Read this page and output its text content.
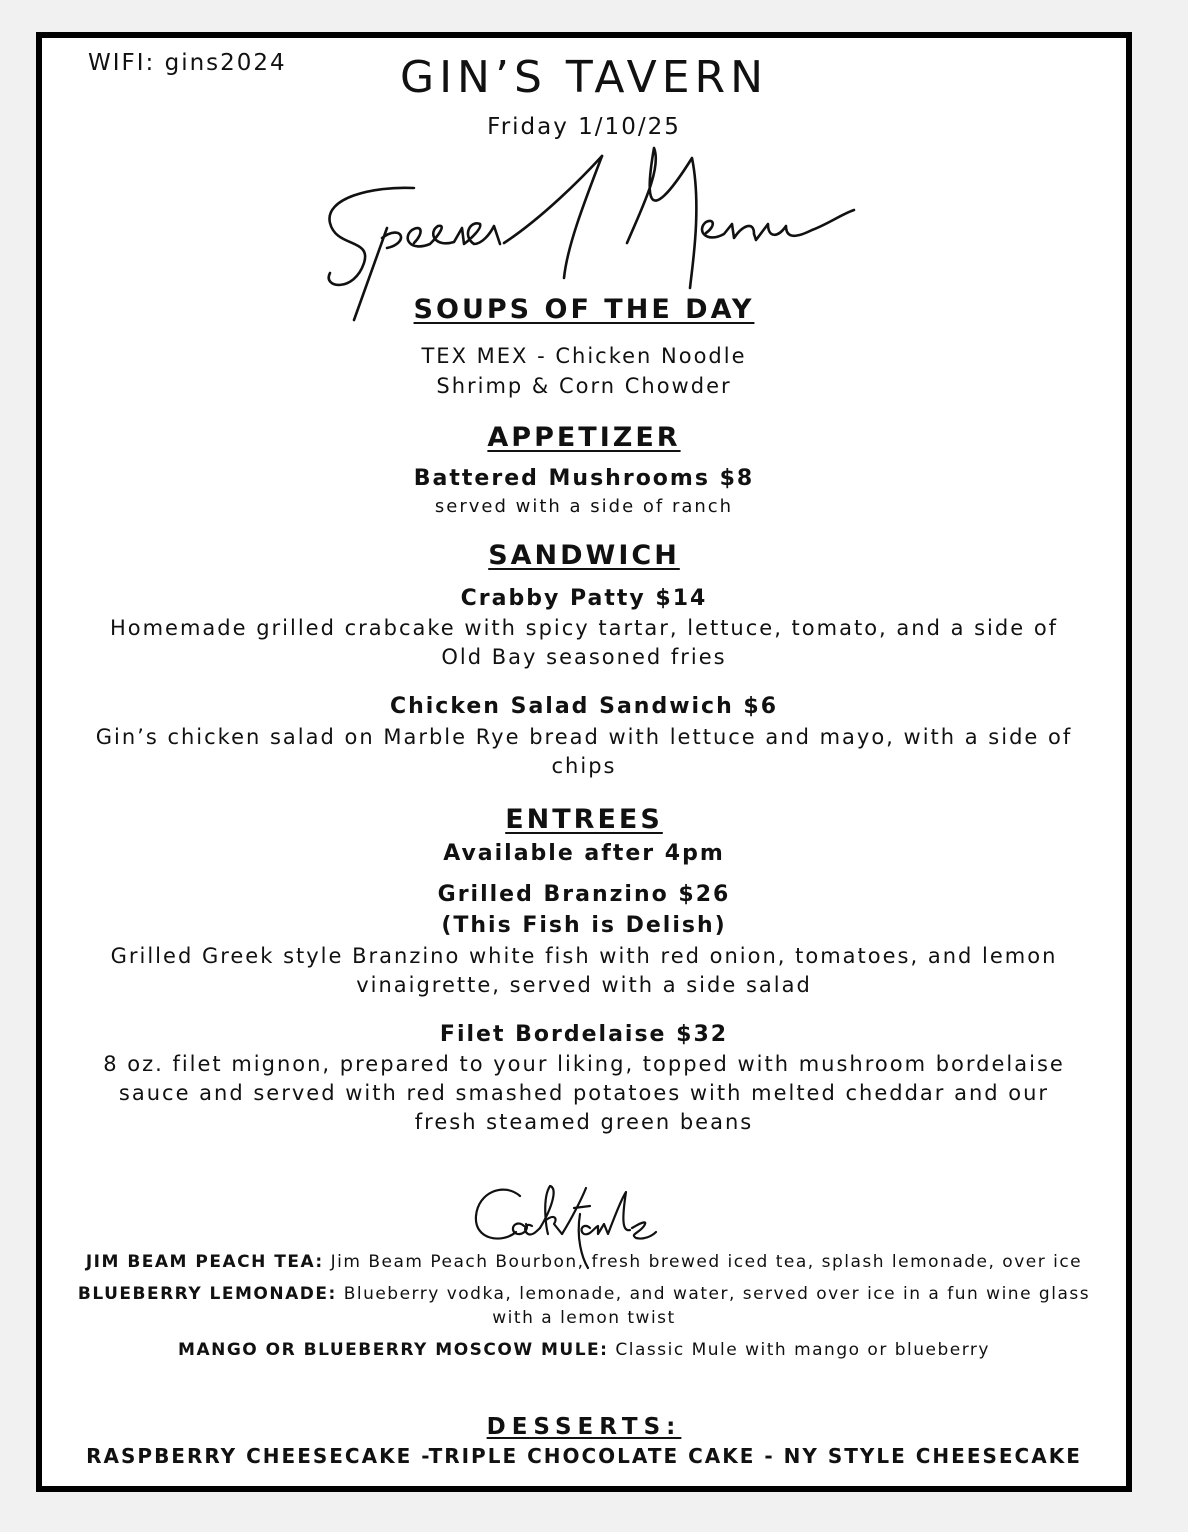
WIFI: gins2024	GIN’S TAVERN
Friday 1/10/25
SOUPS OF THE DAY
TEX MEX - Chicken Noodle
Shrimp & Corn Chowder
APPETIZER
Battered Mushrooms $8
served with a side of ranch
SANDWICH
Crabby Patty $14
Homemade grilled crabcake with spicy tartar, lettuce, tomato, and a side of
Old Bay seasoned fries
Chicken Salad Sandwich $6
Gin’s chicken salad on Marble Rye bread with lettuce and mayo, with a side of
chips
ENTREES
Available after 4pm
Grilled Branzino $26
(This Fish is Delish)
Grilled Greek style Branzino white fish with red onion, tomatoes, and lemon
vinaigrette, served with a side salad
Filet Bordelaise $32
8 oz. filet mignon, prepared to your liking, topped with mushroom bordelaise
sauce and served with red smashed potatoes with melted cheddar and our
fresh steamed green beans
JIM BEAM PEACH TEA: Jim Beam Peach Bourbon, fresh brewed iced tea, splash lemonade, over ice
BLUEBERRY LEMONADE: Blueberry vodka, lemonade, and water, served over ice in a fun wine glass
with a lemon twist
MANGO OR BLUEBERRY MOSCOW MULE: Classic Mule with mango or blueberry
DESSERTS:
RASPBERRY CHEESECAKE -TRIPLE CHOCOLATE CAKE - NY STYLE CHEESECAKE
